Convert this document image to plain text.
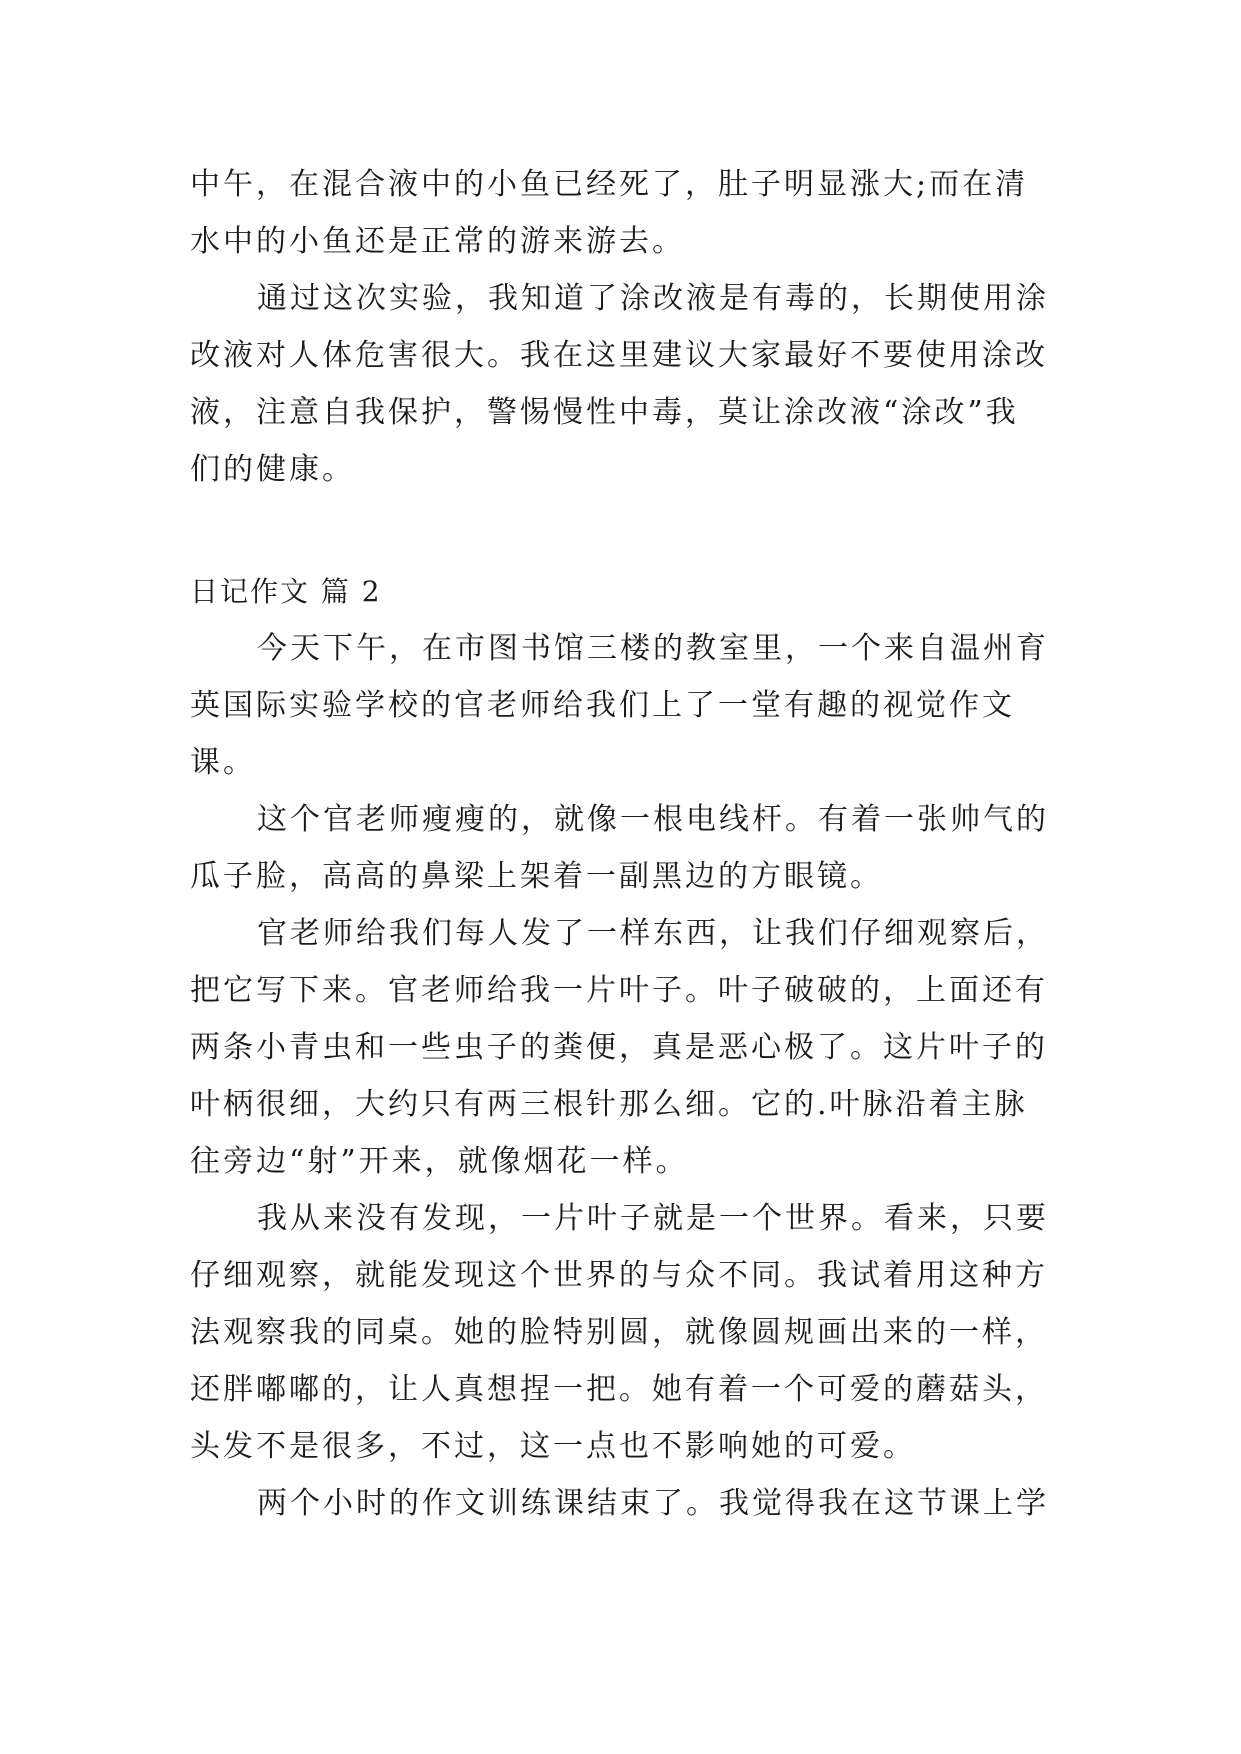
中午，在混合液中的小鱼已经死了，肚子明显涨大;而在清
水中的小鱼还是正常的游来游去。
通过这次实验，我知道了涂改液是有毒的，长期使用涂
改液对人体危害很大。我在这里建议大家最好不要使用涂改
液，注意自我保护，警惕慢性中毒，莫让涂改液“涂改”我
们的健康。
日记作文 篇 2
今天下午，在市图书馆三楼的教室里，一个来自温州育
英国际实验学校的官老师给我们上了一堂有趣的视觉作文
课。
这个官老师瘦瘦的，就像一根电线杆。有着一张帅气的
瓜子脸，高高的鼻梁上架着一副黑边的方眼镜。
官老师给我们每人发了一样东西，让我们仔细观察后，
把它写下来。官老师给我一片叶子。叶子破破的，上面还有
两条小青虫和一些虫子的粪便，真是恶心极了。这片叶子的
叶柄很细，大约只有两三根针那么细。它的.叶脉沿着主脉
往旁边“射”开来，就像烟花一样。
我从来没有发现，一片叶子就是一个世界。看来，只要
仔细观察，就能发现这个世界的与众不同。我试着用这种方
法观察我的同桌。她的脸特别圆，就像圆规画出来的一样，
还胖嘟嘟的，让人真想捏一把。她有着一个可爱的蘑菇头，
头发不是很多，不过，这一点也不影响她的可爱。
两个小时的作文训练课结束了。我觉得我在这节课上学
